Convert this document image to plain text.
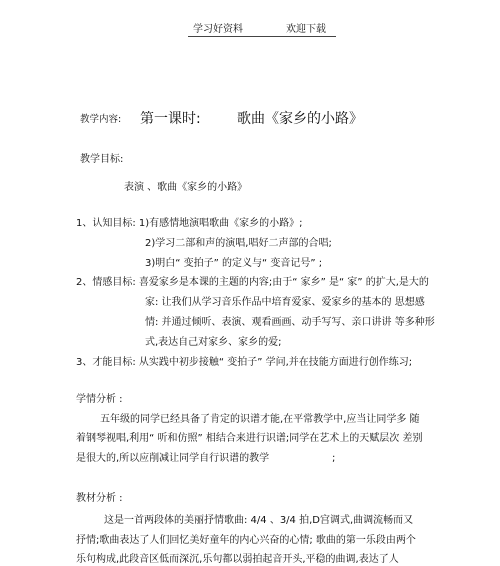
学习好资料	欢迎下载
教学内容: 第一课时:	歌曲《家乡的小路》
教学目标:
表演 、歌曲《家乡的小路》
1、认知目标: 1)有感情地演唱歌曲《家乡的小路》;
2)学习二部和声的演唱,唱好二声部的合唱;
3)明白“ 变拍子” 的定义与“ 变音记号” ;
2、情感目标: 喜爱家乡是本课的主题的内容;由于“ 家乡” 是“ 家” 的扩大,是大的
家: 让我们从学习音乐作品中培育爱家、爱家乡的基本的 思想感
情: 并通过倾听、表演、观看画画、动手写写、亲口讲讲 等多种形
式,表达自己对家乡、家乡的爱;
3、才能目标: 从实践中初步接触“ 变拍子” 学问,并在技能方面进行创作练习;
学情分析 :
五年级的同学已经具备了肯定的识谱才能,在平常教学中,应当让同学多 随
着钢琴视唱,利用“ 听和仿照” 相结合来进行识谱;同学在艺术上的天赋层次 差别
是很大的,所以应削减让同学自行识谱的教学	;
教材分析 :
这是一首两段体的美丽抒情歌曲: 4/4 、3/4 拍,D宫调式,曲调流畅而又
抒情;歌曲表达了人们回忆美好童年的内心兴奋的心情; 歌曲的第一乐段由两个
乐句构成,此段音区低而深沉,乐句都以弱拍起音开头,平稳的曲调,表达了人
